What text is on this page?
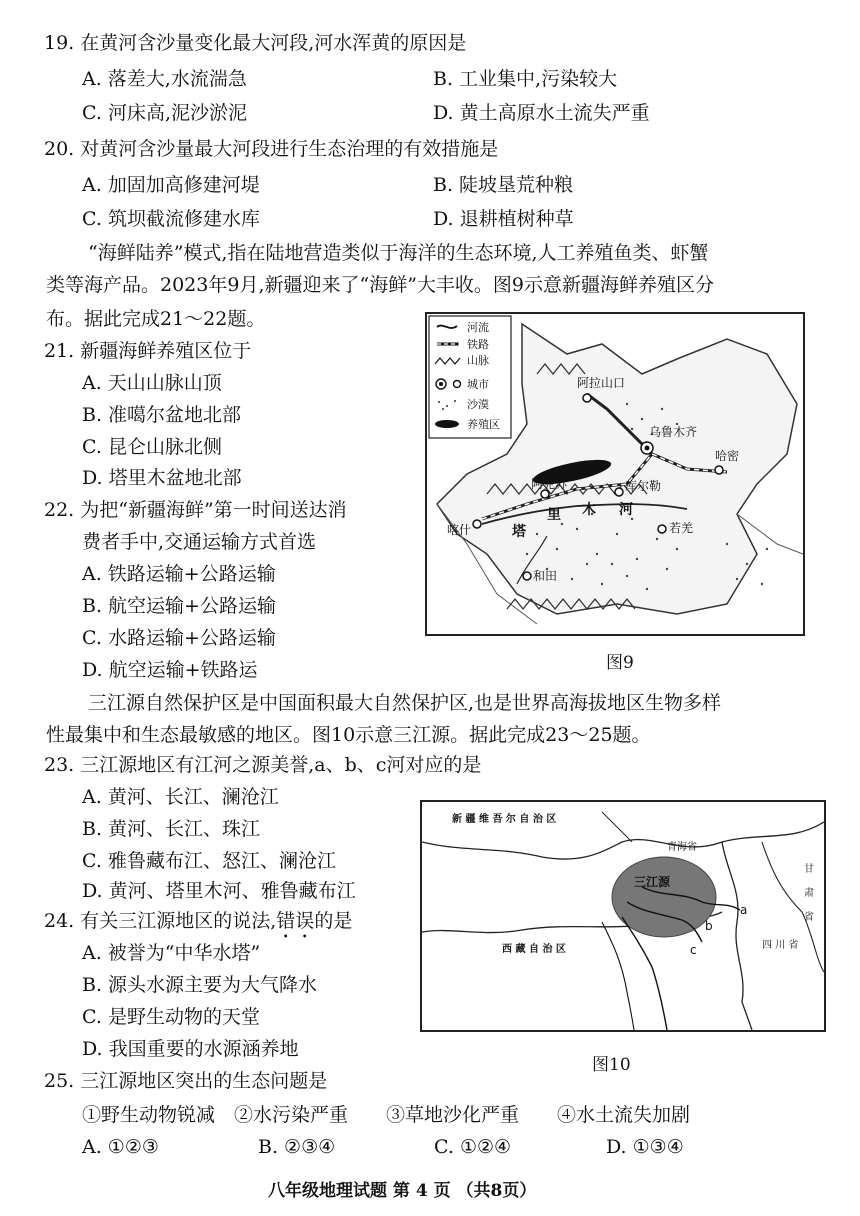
19. 在黄河含沙量变化最大河段,河水浑黄的原因是
A. 落差大,水流湍急	B. 工业集中,污染较大
C. 河床高,泥沙淤泥	D. 黄土高原水土流失严重
20. 对黄河含沙量最大河段进行生态治理的有效措施是
A. 加固加高修建河堤	B. 陡坡垦荒种粮
C. 筑坝截流修建水库	D. 退耕植树种草
“海鲜陆养”模式,指在陆地营造类似于海洋的生态环境,人工养殖鱼类、虾蟹
类等海产品。2023年9月,新疆迎来了“海鲜”大丰收。图9示意新疆海鲜养殖区分
布。据此完成21～22题。
21. 新疆海鲜养殖区位于
A. 天山山脉山顶
B. 准噶尔盆地北部
C. 昆仑山脉北侧
D. 塔里木盆地北部
22. 为把“新疆海鲜”第一时间送达消
费者手中,交通运输方式首选
A. 铁路运输+公路运输
B. 航空运输+公路运输
C. 水路运输+公路运输
D. 航空运输+铁路运
阿拉山口
乌鲁木齐
哈密
库尔勒
阿克苏
喀什	若羌
和田
塔
里 木 河
河流
铁路
山脉
城市
沙漠
养殖区
图9
三江源自然保护区是中国面积最大自然保护区,也是世界高海拔地区生物多样
性最集中和生态最敏感的地区。图10示意三江源。据此完成23～25题。
23. 三江源地区有江河之源美誉,a、b、c河对应的是
A. 黄河、长江、澜沧江
B. 黄河、长江、珠江
C. 雅鲁藏布江、怒江、澜沧江
D. 黄河、塔里木河、雅鲁藏布江
24. 有关三江源地区的说法,错误的是
A. 被誉为“中华水塔”
B. 源头水源主要为大气降水
C. 是野生动物的天堂
D. 我国重要的水源涵养地
新 疆 维 吾 尔 自 治 区
青海省
三江源
西 藏 自 治 区	四 川 省
甘
肃
省
a
b
c
图10
25. 三江源地区突出的生态问题是
①野生动物锐减　②水污染严重　　③草地沙化严重　　④水土流失加剧
A. ①②③	B. ②③④	C. ①②④	D. ①③④
八年级地理试题 第 4 页 （共8页）
